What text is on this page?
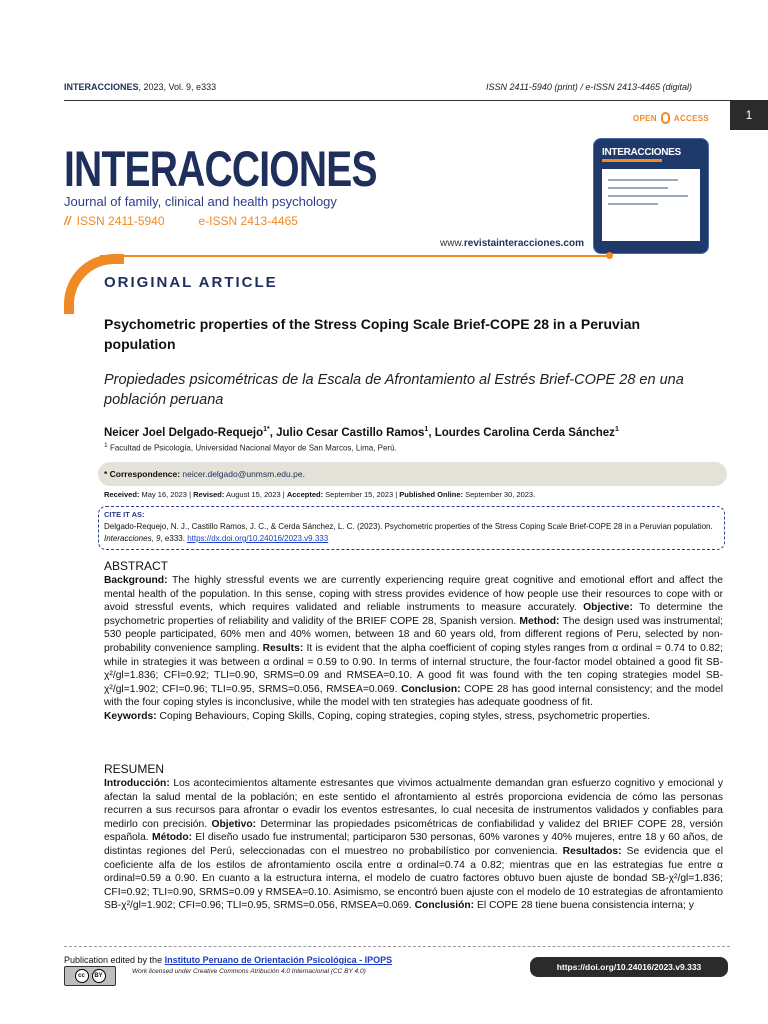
INTERACCIONES, 2023, Vol. 9, e333	ISSN 2411-5940 (print) / e-ISSN 2413-4465 (digital)
1
OPEN ACCESS
INTERACCIONES
Journal of family, clinical and health psychology
// ISSN 2411-5940	e-ISSN 2413-4465
INTERACCIONES
www.revistainteracciones.com
ORIGINAL ARTICLE
Psychometric properties of the Stress Coping Scale Brief-COPE 28 in a Peruvian population
Propiedades psicométricas de la Escala de Afrontamiento al Estrés Brief-COPE 28 en una población peruana
Neicer Joel Delgado-Requejo$^{1*}$, Julio Cesar Castillo Ramos$^1$, Lourdes Carolina Cerda Sánchez$^1$
$^1$ Facultad de Psicología, Universidad Nacional Mayor de San Marcos, Lima, Perú.
* Correspondence: neicer.delgado@unmsm.edu.pe.
Received: May 16, 2023 | Revised: August 15, 2023 | Accepted: September 15, 2023 | Published Online: September 30, 2023.
CITE IT AS:
Delgado-Requejo, N. J., Castillo Ramos, J. C., & Cerda Sánchez, L. C. (2023). Psychometric properties of the Stress Coping Scale Brief-COPE 28 in a Peruvian population. Interacciones, 9, e333. https://dx.doi.org/10.24016/2023.v9.333
ABSTRACT
Background: The highly stressful events we are currently experiencing require great cognitive and emotional effort and affect the mental health of the population. In this sense, coping with stress provides evidence of how people use their resources to cope with or avoid stressful events, which requires validated and reliable instruments to measure accurately. Objective: To determine the psychometric properties of reliability and validity of the BRIEF COPE 28, Spanish version. Method: The design used was instrumental; 530 people participated, 60% men and 40% women, between 18 and 60 years old, from different regions of Peru, selected by non-probability convenience sampling. Results: It is evident that the alpha coefficient of coping styles ranges from α ordinal = 0.74 to 0.82; while in strategies it was between α ordinal = 0.59 to 0.90. In terms of internal structure, the four-factor model obtained a good fit SB-χ²/gl=1.836; CFI=0.92; TLI=0.90, SRMS=0.09 and RMSEA=0.10. A good fit was found with the ten coping strategies model SB-χ²/gl=1.902; CFI=0.96; TLI=0.95, SRMS=0.056, RMSEA=0.069. Conclusion: COPE 28 has good internal consistency; and the model with the four coping styles is inconclusive, while the model with ten strategies has adequate goodness of fit.
Keywords: Coping Behaviours, Coping Skills, Coping, coping strategies, coping styles, stress, psychometric properties.
RESUMEN
Introducción: Los acontecimientos altamente estresantes que vivimos actualmente demandan gran esfuerzo cognitivo y emocional y afectan la salud mental de la población; en este sentido el afrontamiento al estrés proporciona evidencia de cómo las personas recurren a sus recursos para afrontar o evadir los eventos estresantes, lo cual necesita de instrumentos validados y confiables para medirlo con precisión. Objetivo: Determinar las propiedades psicométricas de confiabilidad y validez del BRIEF COPE 28, versión española. Método: El diseño usado fue instrumental; participaron 530 personas, 60% varones y 40% mujeres, entre 18 y 60 años, de distintas regiones del Perú, seleccionadas con el muestreo no probabilístico por conveniencia. Resultados: Se evidencia que el coeficiente alfa de los estilos de afrontamiento oscila entre α ordinal=0.74 a 0.82; mientras que en las estrategias fue entre α ordinal=0.59 a 0.90. En cuanto a la estructura interna, el modelo de cuatro factores obtuvo buen ajuste de bondad SB-χ²/gl=1.836; CFI=0.92; TLI=0.90, SRMS=0.09 y RMSEA=0.10. Asimismo, se encontró buen ajuste con el modelo de 10 estrategias de afrontamiento SB-χ²/gl=1.902; CFI=0.96; TLI=0.95, SRMS=0.056, RMSEA=0.069. Conclusión: El COPE 28 tiene buena consistencia interna; y
Publication edited by the Instituto Peruano de Orientación Psicológica - IPOPS
cc	BY
Work licensed under Creative Commons Atribución 4.0 Internacional (CC BY 4.0)	https://doi.org/10.24016/2023.v9.333
